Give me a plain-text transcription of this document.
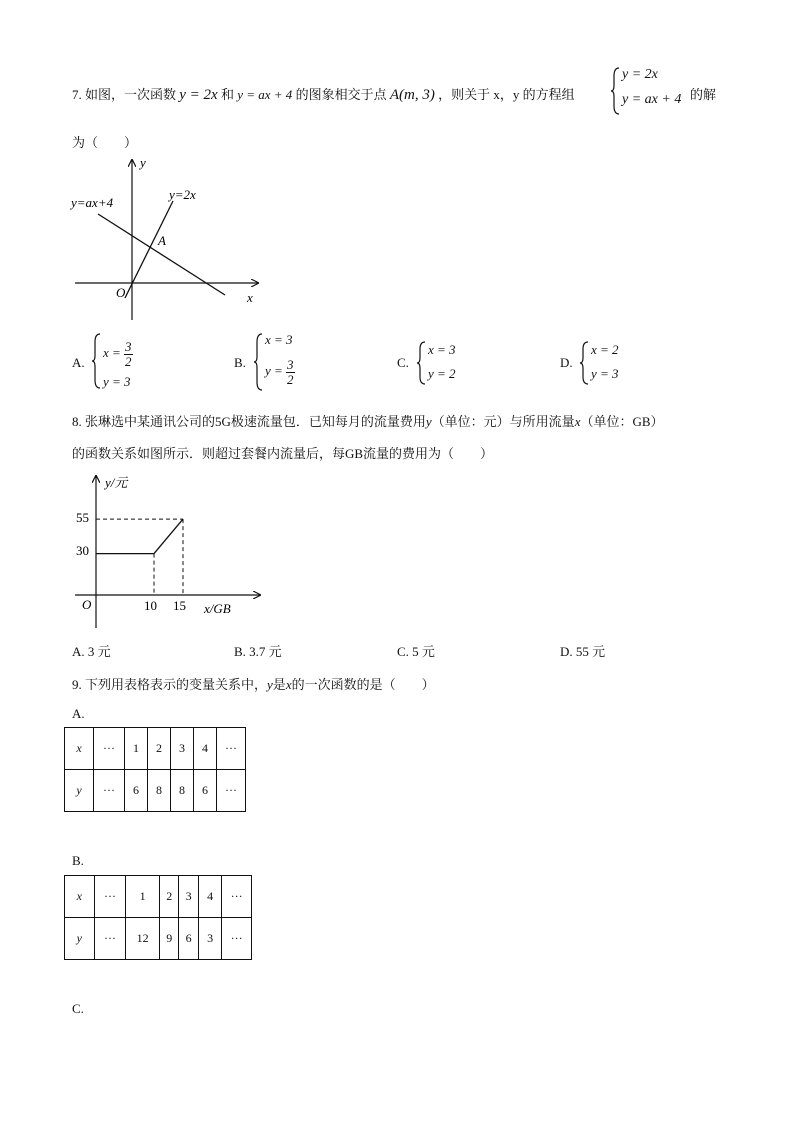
7. 如图，一次函数 y = 2x 和 y = ax + 4 的图象相交于点 A(m, 3) ，则关于 x，y 的方程组
y = 2x
y = ax + 4 的解
为（　　）
y
x
O
y=ax+4
y=2x
A
A.
$x = \frac{3}{2}$
y = 3
B.
x = 3
$y = \frac{3}{2}$	C.
x = 3
y = 2
D.
x = 2
y = 3
8. 张琳选中某通讯公司的5G极速流量包．已知每月的流量费用y（单位：元）与所用流量x（单位：GB）
的函数关系如图所示．则超过套餐内流量后，每GB流量的费用为（　　）
y/元
x/GB
O
55
30
10 15
A. 3 元	B. 3.7 元	C. 5 元	D. 55 元
9. 下列用表格表示的变量关系中，y是x的一次函数的是（　　）
A.
x	···	1	2	3	4	···
y	···	6	8	8	6	···
B.
x	···	1	2	3	4	···
y	···	12	9	6	3	···
C.
